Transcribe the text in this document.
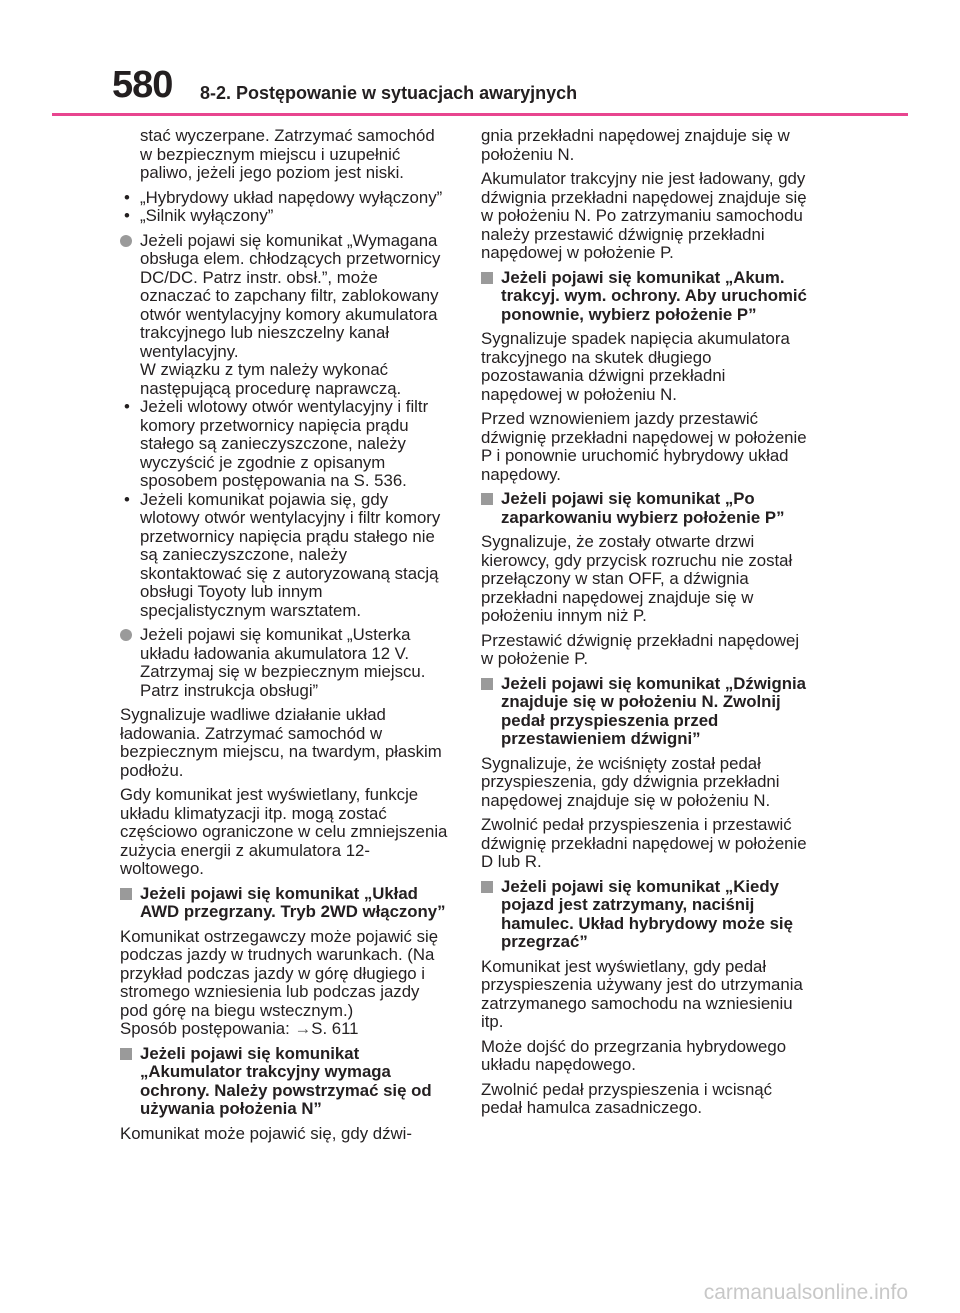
580 8-2. Postępowanie w sytuacjach awaryjnych

stać wyczerpane. Zatrzymać samochód w bezpiecznym miejscu i uzupełnić paliwo, jeżeli jego poziom jest niski.

• „Hybrydowy układ napędowy wyłączony”
• „Silnik wyłączony”
Jeżeli pojawi się komunikat „Wymagana obsługa elem. chłodzących przetwornicy DC/DC. Patrz instr. obsł.”, może oznaczać to zapchany filtr, zablokowany otwór wentylacyjny komory akumulatora trakcyjnego lub nieszczelny kanał wentylacyjny.
W związku z tym należy wykonać następującą procedurę naprawczą.
• Jeżeli wlotowy otwór wentylacyjny i filtr komory przetwornicy napięcia prądu stałego są zanieczyszczone, należy wyczyścić je zgodnie z opisanym sposobem postępowania na S. 536.
• Jeżeli komunikat pojawia się, gdy wlotowy otwór wentylacyjny i filtr komory przetwornicy napięcia prądu stałego nie są zanieczyszczone, należy skontaktować się z autoryzowaną stacją obsługi Toyoty lub innym specjalistycznym warsztatem.
Jeżeli pojawi się komunikat „Usterka układu ładowania akumulatora 12 V. Zatrzymaj się w bezpiecznym miejscu. Patrz instrukcja obsługi”

Sygnalizuje wadliwe działanie układ ładowania. Zatrzymać samochód w bezpiecznym miejscu, na twardym, płaskim podłożu.

Gdy komunikat jest wyświetlany, funkcje układu klimatyzacji itp. mogą zostać częściowo ograniczone w celu zmniejszenia zużycia energii z akumulatora 12-woltowego.

Jeżeli pojawi się komunikat „Układ AWD przegrzany. Tryb 2WD włączony”

Komunikat ostrzegawczy może pojawić się podczas jazdy w trudnych warunkach. (Na przykład podczas jazdy w górę długiego i stromego wzniesienia lub podczas jazdy pod górę na biegu wstecznym.)
Sposób postępowania: →S. 611

Jeżeli pojawi się komunikat „Akumulator trakcyjny wymaga ochrony. Należy powstrzymać się od używania położenia N”

Komunikat może pojawić się, gdy dźwi-

gnia przekładni napędowej znajduje się w położeniu N.

Akumulator trakcyjny nie jest ładowany, gdy dźwignia przekładni napędowej znajduje się w położeniu N. Po zatrzymaniu samochodu należy przestawić dźwignię przekładni napędowej w położenie P.

Jeżeli pojawi się komunikat „Akum. trakcyj. wym. ochrony. Aby uruchomić ponownie, wybierz położenie P”

Sygnalizuje spadek napięcia akumulatora trakcyjnego na skutek długiego pozostawania dźwigni przekładni napędowej w położeniu N.

Przed wznowieniem jazdy przestawić dźwignię przekładni napędowej w położenie P i ponownie uruchomić hybrydowy układ napędowy.

Jeżeli pojawi się komunikat „Po zaparkowaniu wybierz położenie P”

Sygnalizuje, że zostały otwarte drzwi kierowcy, gdy przycisk rozruchu nie został przełączony w stan OFF, a dźwignia przekładni napędowej znajduje się w położeniu innym niż P.

Przestawić dźwignię przekładni napędowej w położenie P.

Jeżeli pojawi się komunikat „Dźwignia znajduje się w położeniu N. Zwolnij pedał przyspieszenia przed przestawieniem dźwigni”

Sygnalizuje, że wciśnięty został pedał przyspieszenia, gdy dźwignia przekładni napędowej znajduje się w położeniu N.

Zwolnić pedał przyspieszenia i przestawić dźwignię przekładni napędowej w położenie D lub R.

Jeżeli pojawi się komunikat „Kiedy pojazd jest zatrzymany, naciśnij hamulec. Układ hybrydowy może się przegrzać”

Komunikat jest wyświetlany, gdy pedał przyspieszenia używany jest do utrzymania zatrzymanego samochodu na wzniesieniu itp.

Może dojść do przegrzania hybrydowego układu napędowego.

Zwolnić pedał przyspieszenia i wcisnąć pedał hamulca zasadniczego.

carmanualsonline.info
